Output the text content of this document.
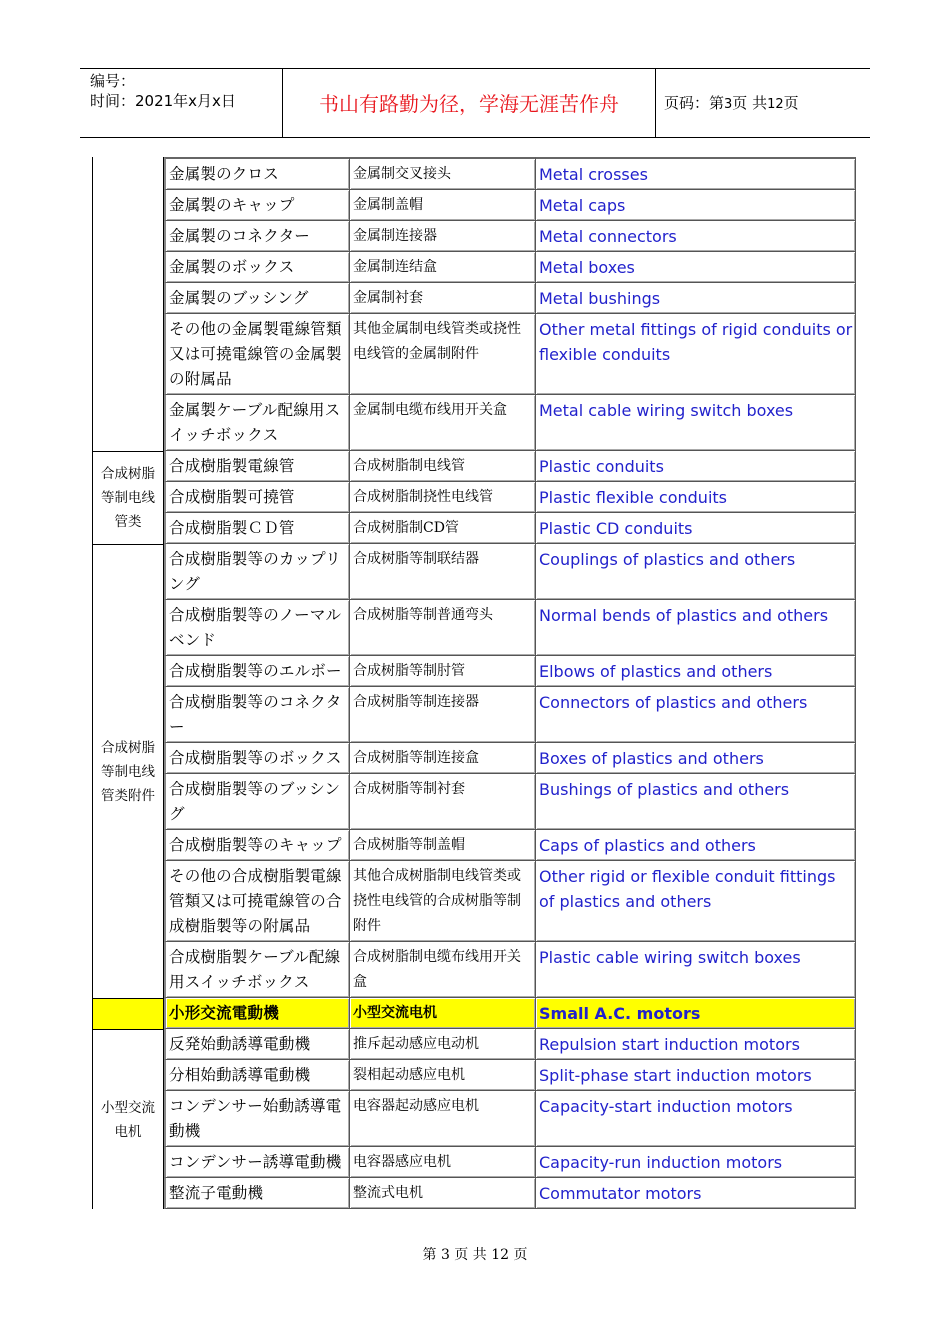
编号：
时间：2021年x月x日	书山有路勤为径，学海无涯苦作舟	页码：第3页 共12页
	金属製のクロス	金属制交叉接头	Metal crosses
	金属製のキャップ	金属制盖帽	Metal caps
	金属製のコネクター	金属制连接器	Metal connectors
	金属製のボックス	金属制连结盒	Metal boxes
	金属製のブッシング	金属制衬套	Metal bushings
	その他の金属製電線管類又は可撓電線管の金属製の附属品	其他金属制电线管类或挠性电线管的金属制附件	Other metal fittings of rigid conduits or flexible conduits
	金属製ケーブル配線用スイッチボックス	金属制电缆布线用开关盒	Metal cable wiring switch boxes
合成树脂等制电线管类	合成樹脂製電線管	合成树脂制电线管	Plastic conduits
	合成樹脂製可撓管	合成树脂制挠性电线管	Plastic flexible conduits
	合成樹脂製ＣＤ管	合成树脂制CD管	Plastic CD conduits
合成树脂等制电线管类附件	合成樹脂製等のカップリング	合成树脂等制联结器	Couplings of plastics and others
	合成樹脂製等のノーマルベンド	合成树脂等制普通弯头	Normal bends of plastics and others
	合成樹脂製等のエルボー	合成树脂等制肘管	Elbows of plastics and others
	合成樹脂製等のコネクター	合成树脂等制连接器	Connectors of plastics and others
	合成樹脂製等のボックス	合成树脂等制连接盒	Boxes of plastics and others
	合成樹脂製等のブッシング	合成树脂等制衬套	Bushings of plastics and others
	合成樹脂製等のキャップ	合成树脂等制盖帽	Caps of plastics and others
	その他の合成樹脂製電線管類又は可撓電線管の合成樹脂製等の附属品	其他合成树脂制电线管类或挠性电线管的合成树脂等制附件	Other rigid or flexible conduit fittings of plastics and others
	合成樹脂製ケーブル配線用スイッチボックス	合成树脂制电缆布线用开关盒	Plastic cable wiring switch boxes
	小形交流電動機	小型交流电机	Small A.C. motors
小型交流电机	反発始動誘導電動機	推斥起动感应电动机	Repulsion start induction motors
	分相始動誘導電動機	裂相起动感应电机	Split-phase start induction motors
	コンデンサー始動誘導電動機	电容器起动感应电机	Capacity-start induction motors
	コンデンサー誘導電動機	电容器感应电机	Capacity-run induction motors
	整流子電動機	整流式电机	Commutator motors
第 3 页 共 12 页
